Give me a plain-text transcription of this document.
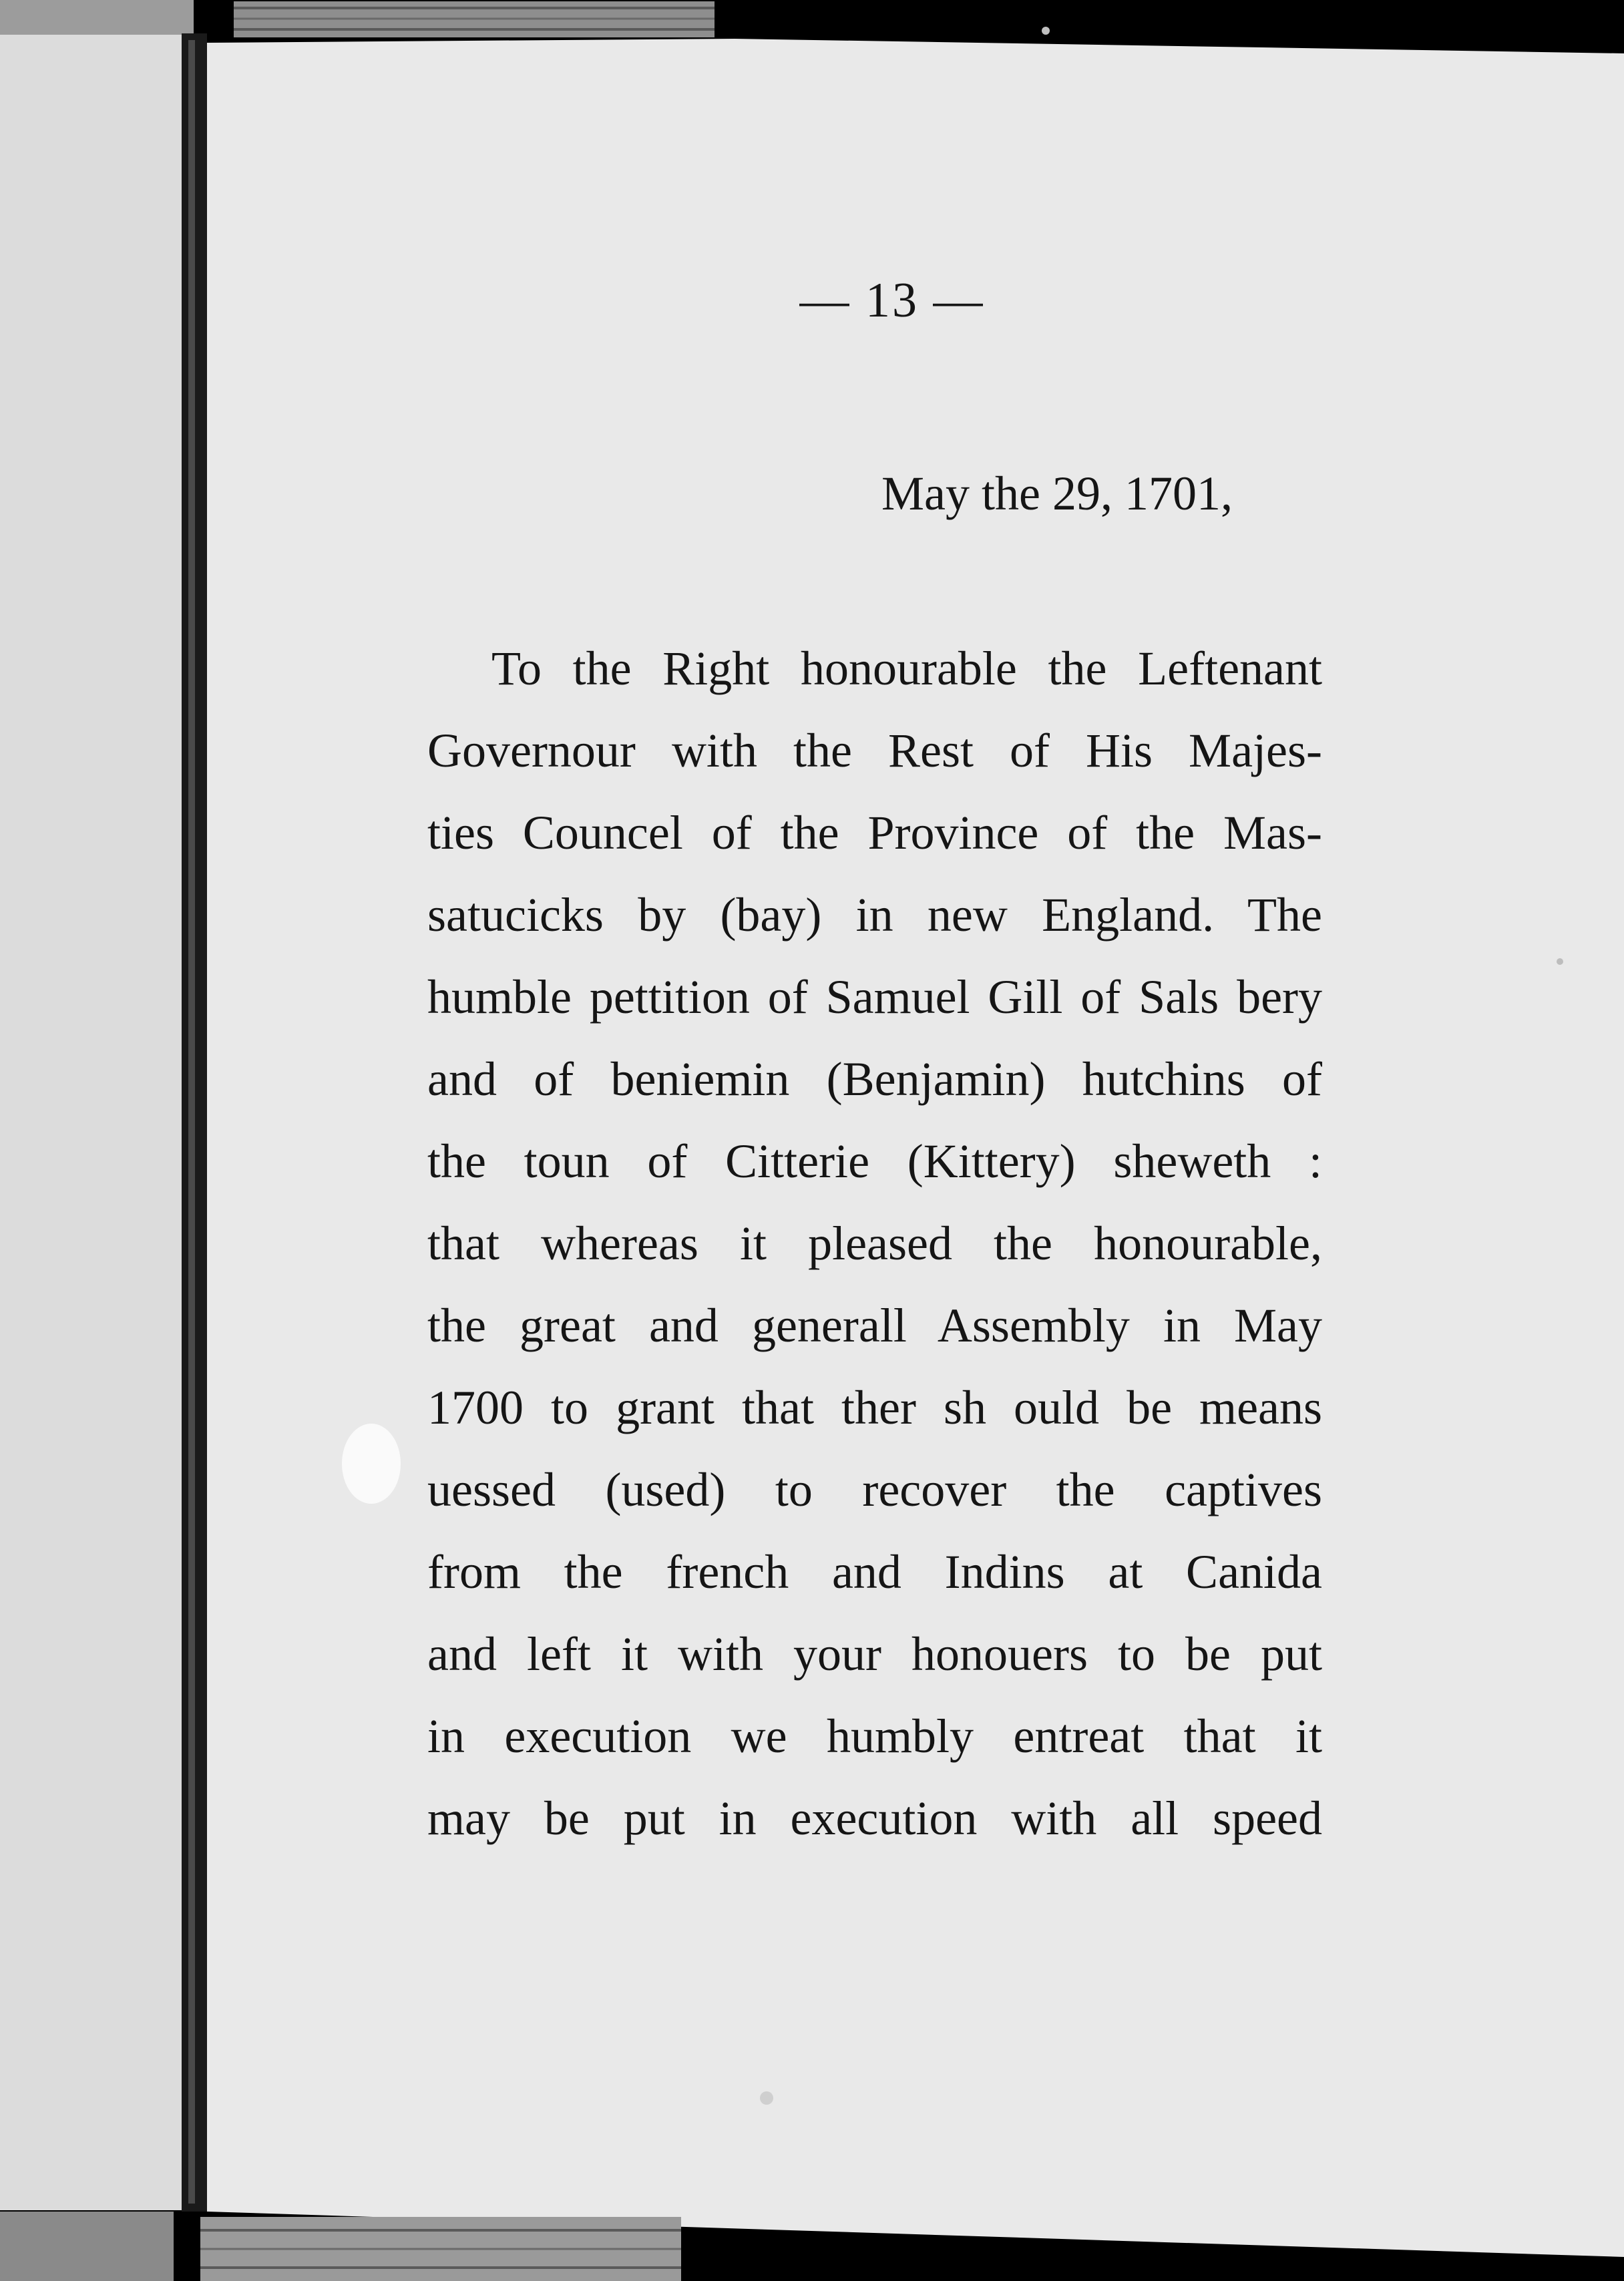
— 13 —
May the 29, 1701,
To the Right honourable the Leftenant
Governour with the Rest of His Majes-
ties Councel of the Province of the Mas-
satucicks by (bay) in new England. The
humble pettition of Samuel Gill of Sals bery
and of beniemin (Benjamin) hutchins of
the toun of Citterie (Kittery) sheweth :
that whereas it pleased the honourable,
the great and generall Assembly in May
1700 to grant that ther sh ould be means
uessed (used) to recover the captives
from the french and Indins at Canida
and left it with your honouers to be put
in execution we humbly entreat that it
may be put in execution with all speed
